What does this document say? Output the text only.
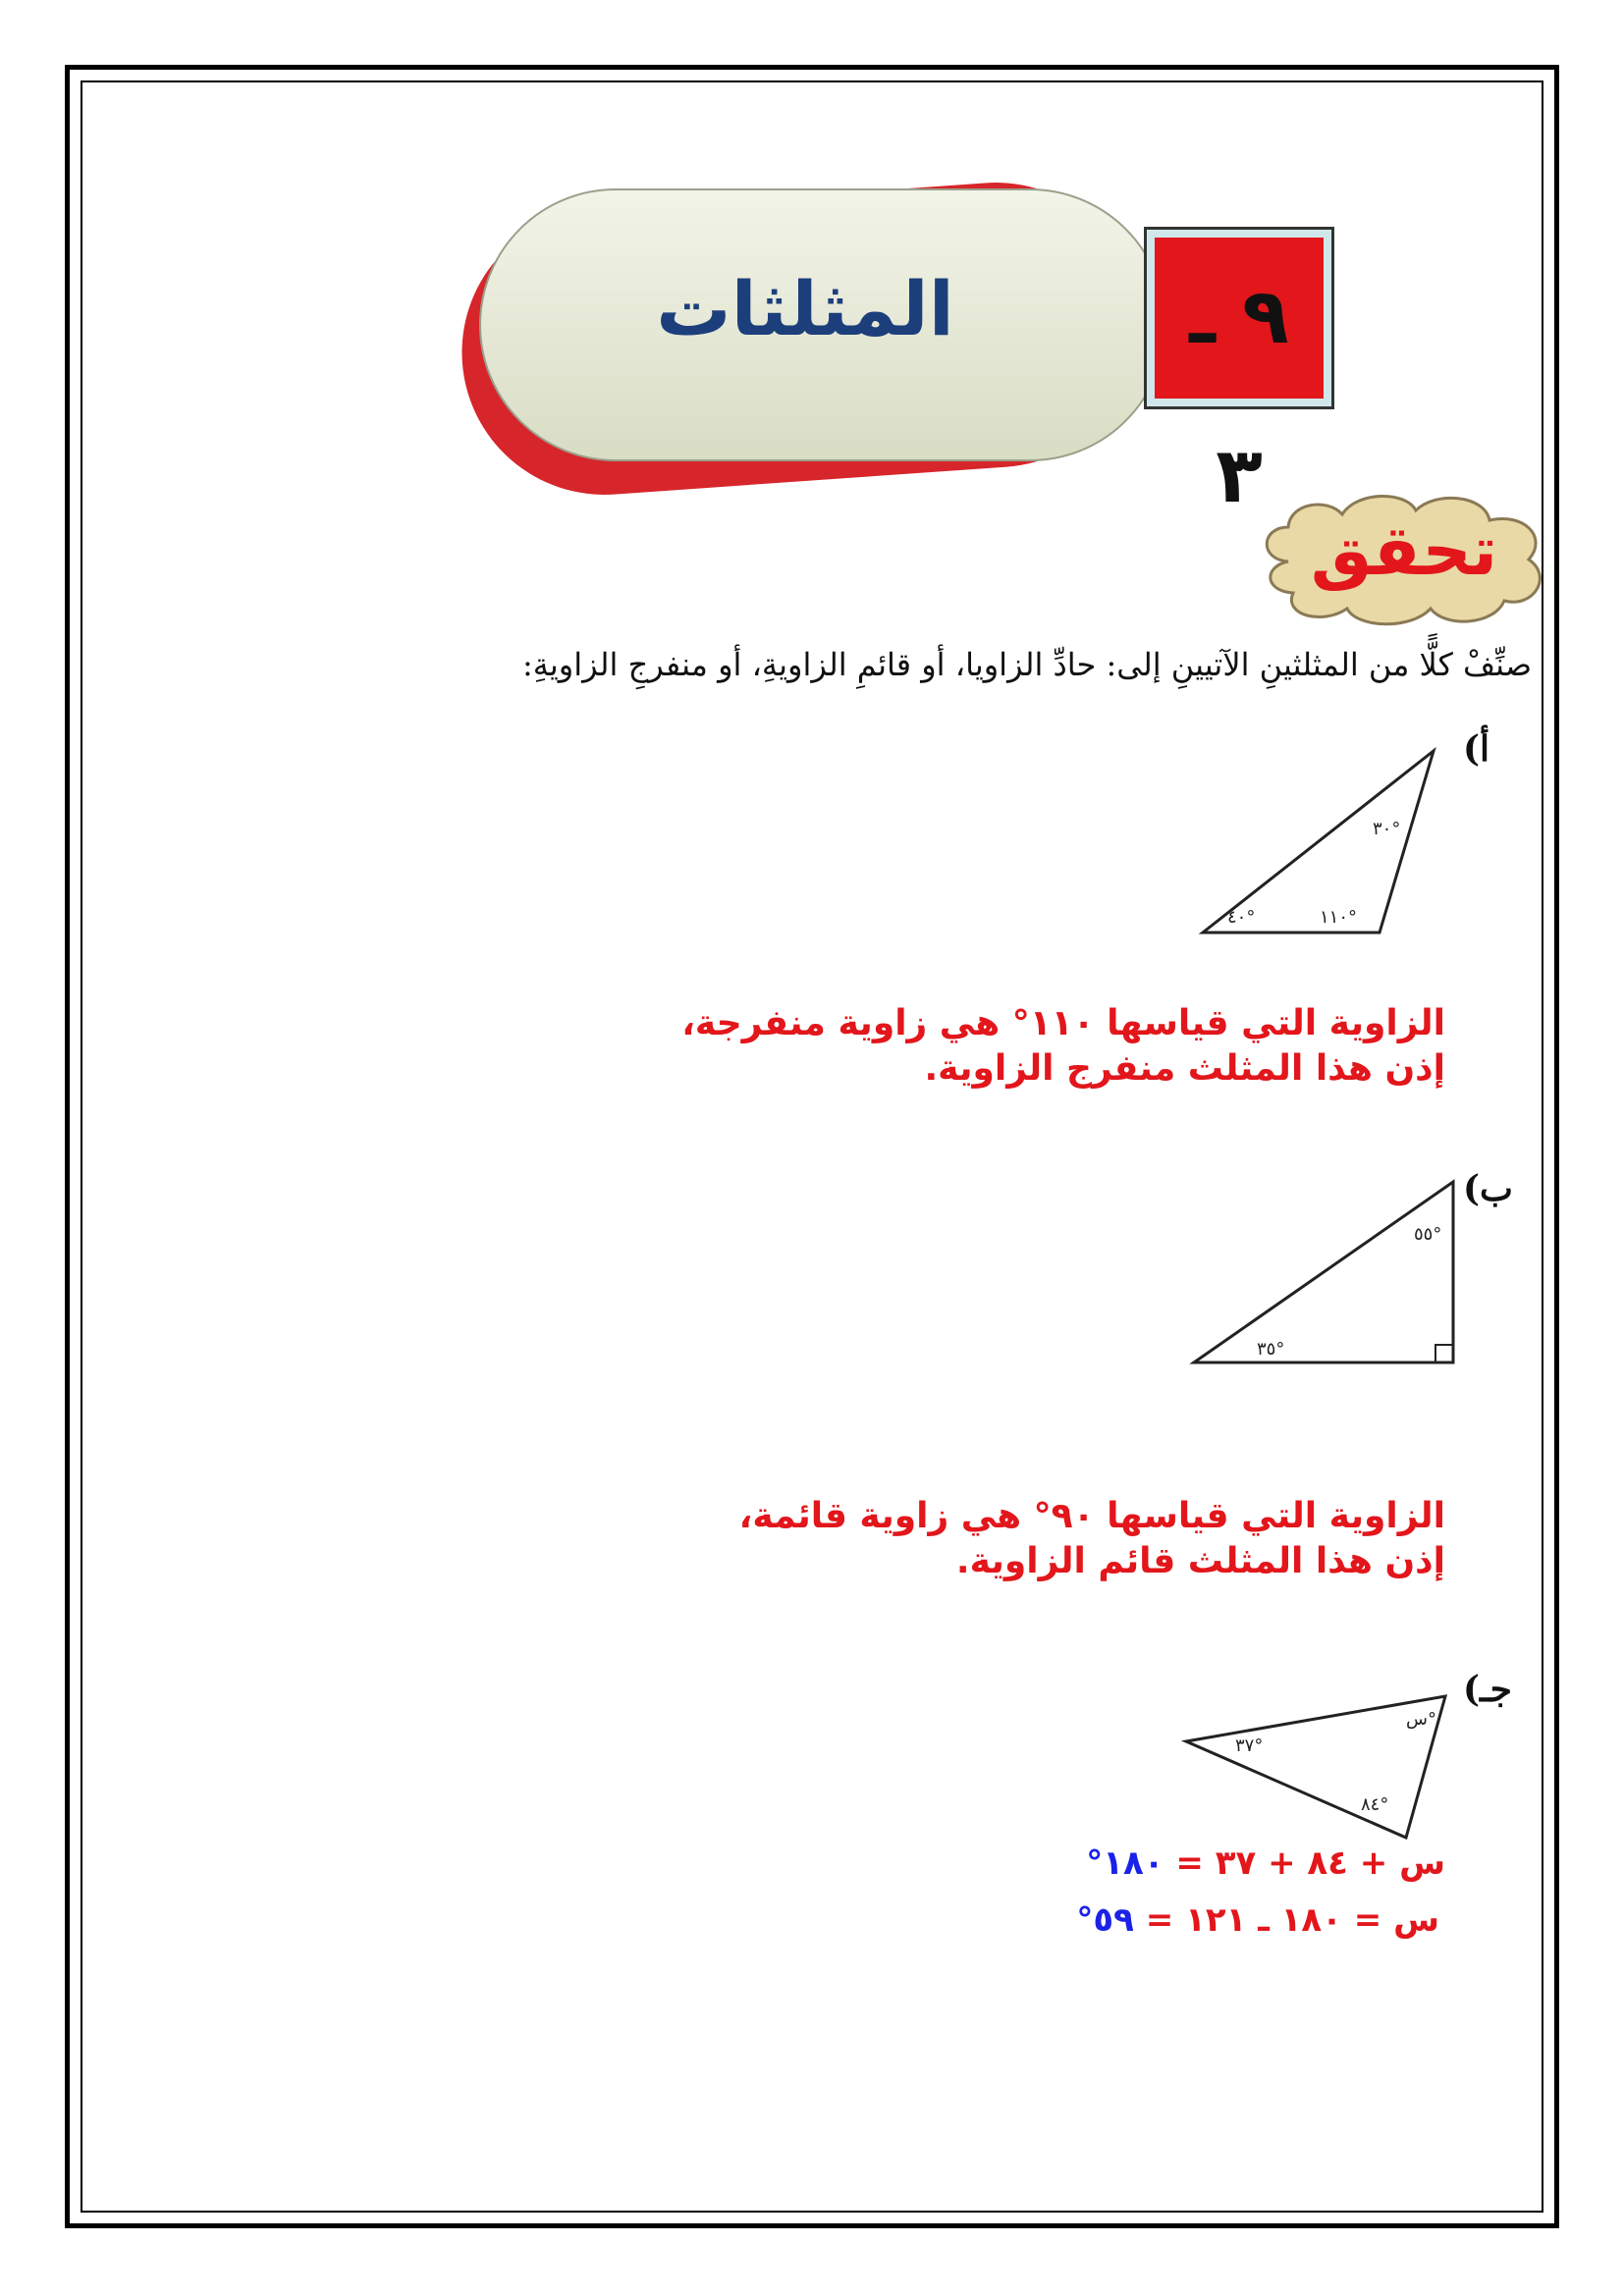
المثلثات	٩ ـ ٣
تحقق
صنِّفْ كلًّا من المثلثينِ الآتيينِ إلى: حادِّ الزاويا، أو قائمِ الزاويةِ، أو منفرجِ الزاويةِ:
أ)
٣٠°
٤٠°	١١٠°
الزاوية التي قياسها ١١٠° هي زاوية منفرجة،
إذن هذا المثلث منفرج الزاوية.
ب)
٥٥°
٣٥°
الزاوية التي قياسها ٩٠° هي زاوية قائمة،
إذن هذا المثلث قائم الزاوية.
جـ)
س°
٣٧°
٨٤°
س + ٨٤ + ٣٧ = ١٨٠°
س = ١٨٠ ـ ١٢١ = ٥٩°
